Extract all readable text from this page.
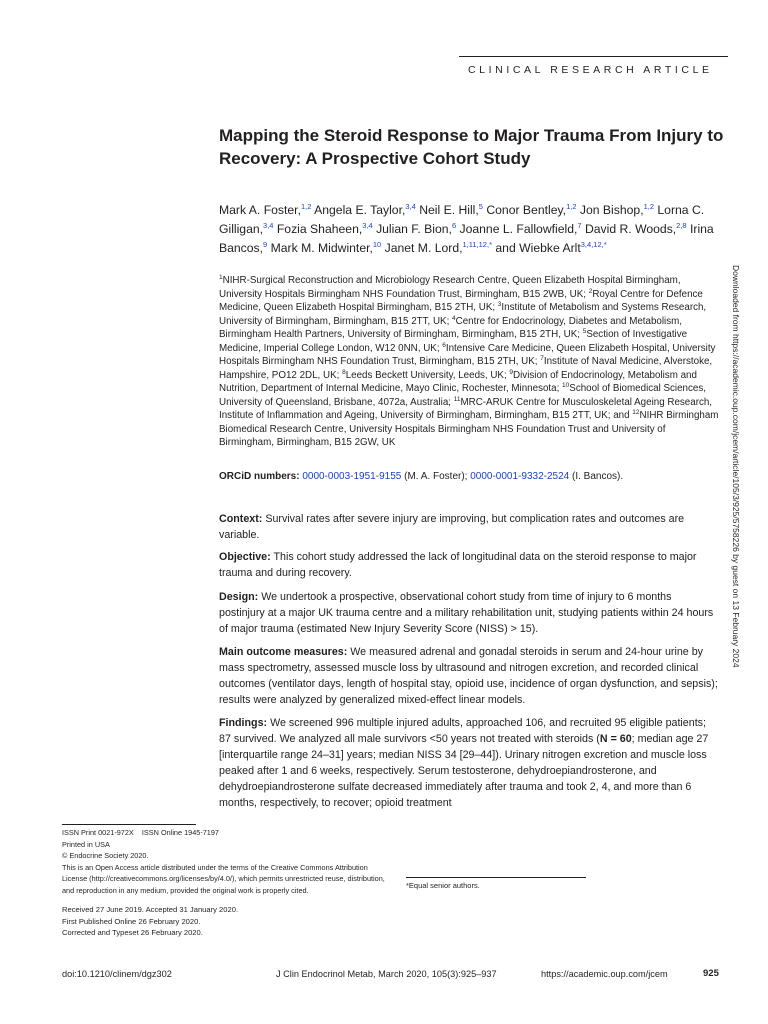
CLINICAL RESEARCH ARTICLE
Mapping the Steroid Response to Major Trauma From Injury to Recovery: A Prospective Cohort Study
Mark A. Foster,$^{1,2}$ Angela E. Taylor,$^{3,4}$ Neil E. Hill,$^5$ Conor Bentley,$^{1,2}$ Jon Bishop,$^{1,2}$ Lorna C. Gilligan,$^{3,4}$ Fozia Shaheen,$^{3,4}$ Julian F. Bion,$^6$ Joanne L. Fallowfield,$^7$ David R. Woods,$^{2,8}$ Irina Bancos,$^9$ Mark M. Midwinter,$^{10}$ Janet M. Lord,$^{1,11,12,*}$ and Wiebke Arlt$^{3,4,12,*}$
$^1$NIHR-Surgical Reconstruction and Microbiology Research Centre, Queen Elizabeth Hospital Birmingham, University Hospitals Birmingham NHS Foundation Trust, Birmingham, B15 2WB, UK; $^2$Royal Centre for Defence Medicine, Queen Elizabeth Hospital Birmingham, B15 2TH, UK; $^3$Institute of Metabolism and Systems Research, University of Birmingham, Birmingham, B15 2TT, UK; $^4$Centre for Endocrinology, Diabetes and Metabolism, Birmingham Health Partners, University of Birmingham, Birmingham, B15 2TH, UK; $^5$Section of Investigative Medicine, Imperial College London, W12 0NN, UK; $^6$Intensive Care Medicine, Queen Elizabeth Hospital, University Hospitals Birmingham NHS Foundation Trust, Birmingham, B15 2TH, UK; $^7$Institute of Naval Medicine, Alverstoke, Hampshire, PO12 2DL, UK; $^8$Leeds Beckett University, Leeds, UK; $^9$Division of Endocrinology, Metabolism and Nutrition, Department of Internal Medicine, Mayo Clinic, Rochester, Minnesota; $^{10}$School of Biomedical Sciences, University of Queensland, Brisbane, 4072a, Australia; $^{11}$MRC-ARUK Centre for Musculoskeletal Ageing Research, Institute of Inflammation and Ageing, University of Birmingham, Birmingham, B15 2TT, UK; and $^{12}$NIHR Birmingham Biomedical Research Centre, University Hospitals Birmingham NHS Foundation Trust and University of Birmingham, Birmingham, B15 2GW, UK
ORCiD numbers: 0000-0003-1951-9155 (M. A. Foster); 0000-0001-9332-2524 (I. Bancos).
Context: Survival rates after severe injury are improving, but complication rates and outcomes are variable.
Objective: This cohort study addressed the lack of longitudinal data on the steroid response to major trauma and during recovery.
Design: We undertook a prospective, observational cohort study from time of injury to 6 months postinjury at a major UK trauma centre and a military rehabilitation unit, studying patients within 24 hours of major trauma (estimated New Injury Severity Score (NISS) > 15).
Main outcome measures: We measured adrenal and gonadal steroids in serum and 24-hour urine by mass spectrometry, assessed muscle loss by ultrasound and nitrogen excretion, and recorded clinical outcomes (ventilator days, length of hospital stay, opioid use, incidence of organ dysfunction, and sepsis); results were analyzed by generalized mixed-effect linear models.
Findings: We screened 996 multiple injured adults, approached 106, and recruited 95 eligible patients; 87 survived. We analyzed all male survivors <50 years not treated with steroids (N = 60; median age 27 [interquartile range 24–31] years; median NISS 34 [29–44]). Urinary nitrogen excretion and muscle loss peaked after 1 and 6 weeks, respectively. Serum testosterone, dehydroepiandrosterone, and dehydroepiandrosterone sulfate decreased immediately after trauma and took 2, 4, and more than 6 months, respectively, to recover; opioid treatment
ISSN Print 0021-972X    ISSN Online 1945-7197
Printed in USA
© Endocrine Society 2020.
This is an Open Access article distributed under the terms of the Creative Commons Attribution License (http://creativecommons.org/licenses/by/4.0/), which permits unrestricted reuse, distribution, and reproduction in any medium, provided the original work is properly cited.
Received 27 June 2019. Accepted 31 January 2020.
First Published Online 26 February 2020.
Corrected and Typeset 26 February 2020.
*Equal senior authors.
doi:10.1210/clinem/dgz302	J Clin Endocrinol Metab, March 2020, 105(3):925–937	https://academic.oup.com/jcem	925
Downloaded from https://academic.oup.com/jcem/article/105/3/925/5758226 by guest on 13 February 2024
